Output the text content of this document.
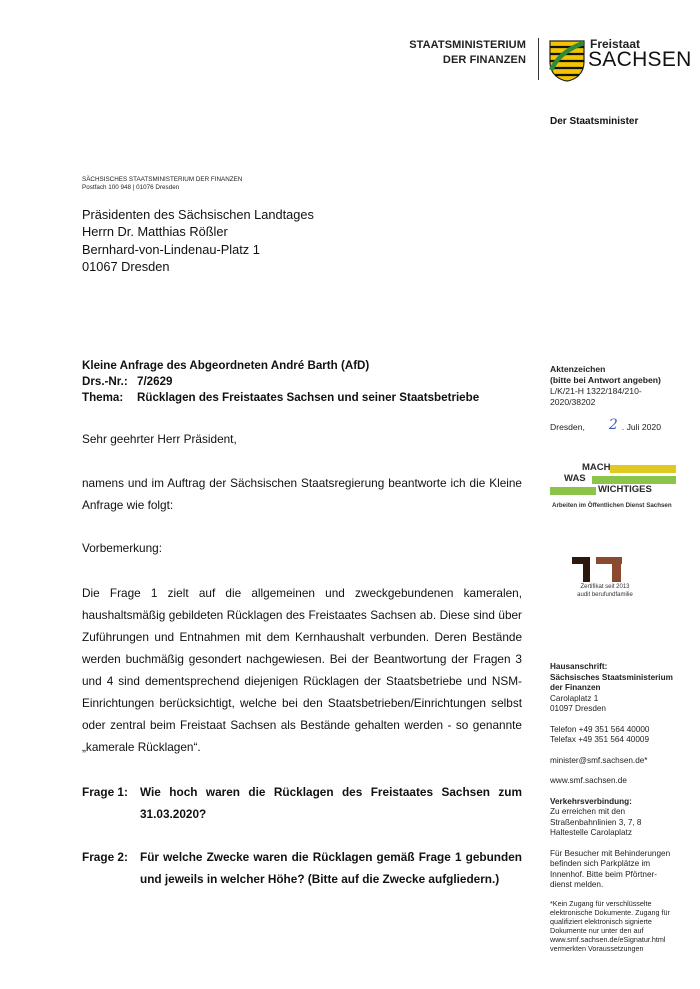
STAATSMINISTERIUM
DER FINANZEN
Freistaat
SACHSEN
Der Staatsminister
SÄCHSISCHES STAATSMINISTERIUM DER FINANZEN
Postfach 100 948 | 01076 Dresden
Präsidenten des Sächsischen Landtages
Herrn Dr. Matthias Rößler
Bernhard-von-Lindenau-Platz 1
01067 Dresden
Kleine Anfrage des Abgeordneten André Barth (AfD)
Drs.-Nr.: 7/2629
Thema:	Rücklagen des Freistaates Sachsen und seiner Staatsbetriebe
Sehr geehrter Herr Präsident,
namens und im Auftrag der Sächsischen Staatsregierung beantworte ich die Kleine Anfrage wie folgt:
Vorbemerkung:
Die Frage 1 zielt auf die allgemeinen und zweckgebundenen kameralen, haushaltsmäßig gebildeten Rücklagen des Freistaates Sachsen ab. Diese sind über Zuführungen und Entnahmen mit dem Kernhaushalt verbunden. Deren Bestände werden buchmäßig gesondert nachgewiesen. Bei der Beantwortung der Fragen 3 und 4 sind dementsprechend diejenigen Rücklagen der Staatsbetriebe und NSM-Einrichtungen berücksichtigt, welche bei den Staatsbetrieben/Einrichtungen selbst oder zentral beim Freistaat Sachsen als Bestände gehalten werden - so genannte „kamerale Rücklagen“.
Frage 1:	Wie hoch waren die Rücklagen des Freistaates Sachsen zum 31.03.2020?
Frage 2:	Für welche Zwecke waren die Rücklagen gemäß Frage 1 gebunden und jeweils in welcher Höhe? (Bitte auf die Zwecke aufgliedern.)
Aktenzeichen
(bitte bei Antwort angeben)
L/K/21-H 1322/184/210-
2020/38202
Dresden, 2 . Juli 2020
MACH
WAS
WICHTIGES
Arbeiten im Öffentlichen Dienst Sachsen
Zertifikat seit 2013
audit berufundfamilie
Hausanschrift:
Sächsisches Staatsministerium
der Finanzen
Carolaplatz 1
01097 Dresden
Telefon +49 351 564 40000
Telefax +49 351 564 40009
minister@smf.sachsen.de*
www.smf.sachsen.de
Verkehrsverbindung:
Zu erreichen mit den
Straßenbahnlinien 3, 7, 8
Haltestelle Carolaplatz
Für Besucher mit Behinderungen
befinden sich Parkplätze im
Innenhof. Bitte beim Pförtner-
dienst melden.
*Kein Zugang für verschlüsselte
elektronische Dokumente. Zugang für
qualifiziert elektronisch signierte
Dokumente nur unter den auf
www.smf.sachsen.de/eSignatur.html
vermerkten Voraussetzungen
